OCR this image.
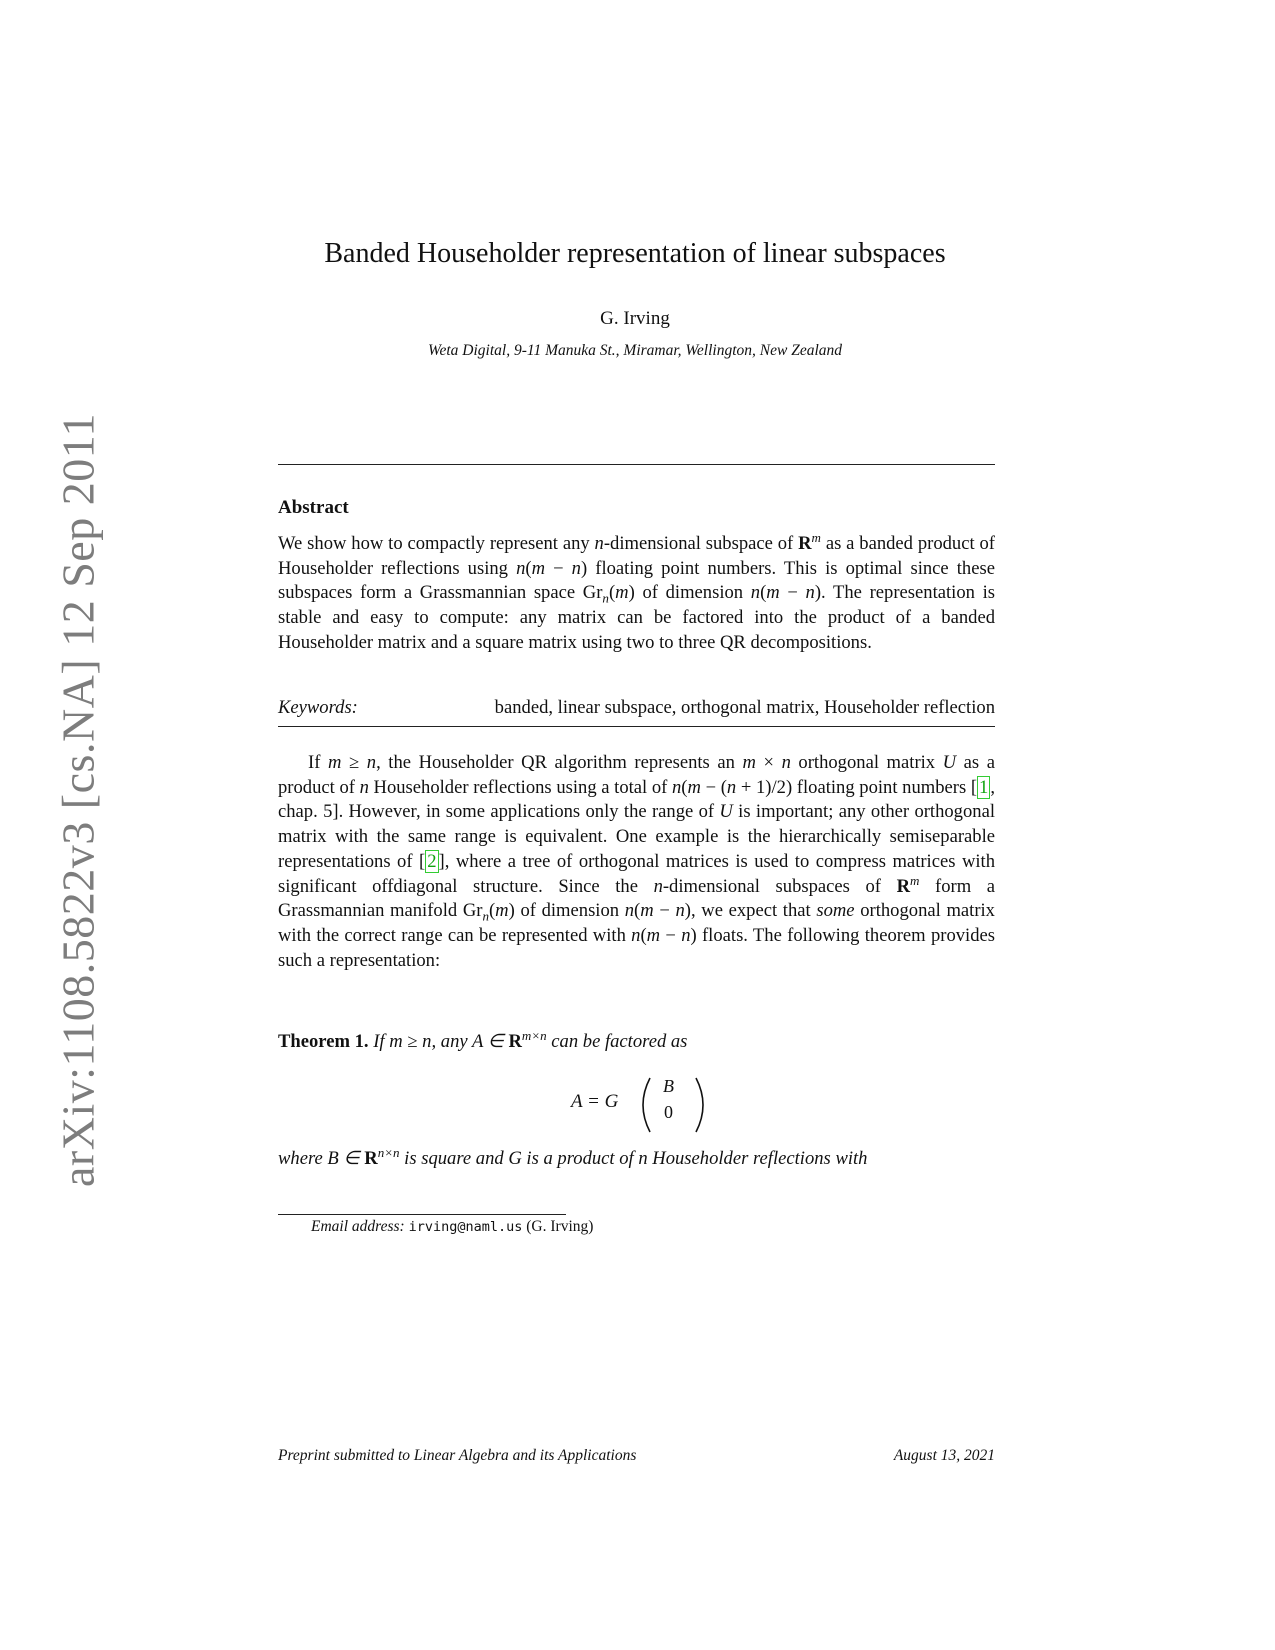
arXiv:1108.5822v3 [cs.NA] 12 Sep 2011
Banded Householder representation of linear subspaces
G. Irving
Weta Digital, 9-11 Manuka St., Miramar, Wellington, New Zealand
Abstract
We show how to compactly represent any n-dimensional subspace of $R^m$ as a banded product of Householder reflections using n(m − n) floating point numbers. This is optimal since these subspaces form a Grassmannian space $Gr_n(m)$ of dimension n(m − n). The representation is stable and easy to compute: any matrix can be factored into the product of a banded Householder matrix and a square matrix using two to three QR decompositions.
Keywords:	banded, linear subspace, orthogonal matrix, Householder reflection
If m ≥ n, the Householder QR algorithm represents an m × n orthogonal matrix U as a product of n Householder reflections using a total of n(m − (n + 1)/2) floating point numbers [ 1 , chap. 5]. However, in some applications only the range of U is important; any other orthogonal matrix with the same range is equivalent. One example is the hierarchically semiseparable representations of [ 2 ], where a tree of orthogonal matrices is used to compress matrices with significant offdiagonal structure. Since the n-dimensional subspaces of $R^m$ form a Grassmannian manifold $Gr_n(m)$ of dimension n(m − n), we expect that some orthogonal matrix with the correct range can be represented with n(m − n) floats. The following theorem provides such a representation:
Theorem 1. If m ≥ n, any A ∈ $R^{m\times n}$ can be factored as
A = G
B
0
where B ∈ $R^{n\times n}$ is square and G is a product of n Householder reflections with
Email address: irving@naml.us (G. Irving)
Preprint submitted to Linear Algebra and its Applications	August 13, 2021
